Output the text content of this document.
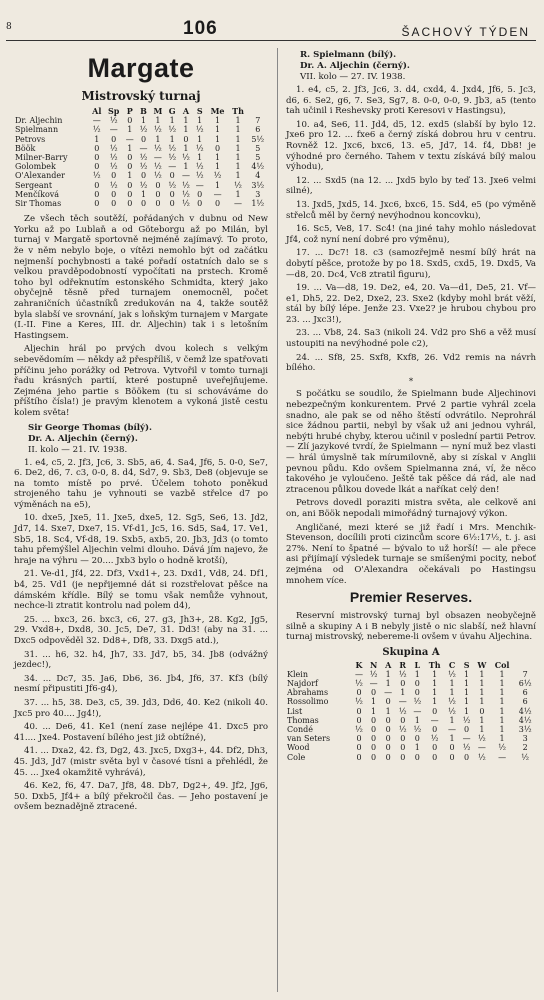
8	106	ŠACHOVÝ TÝDEN
Margate
Mistrovský turnaj
	Al	Sp	P	B	M	G	A	S	Me	Th	
Dr. Aljechin	—	½	0	1	1	1	1	1	1	1	7
Spielmann	½	—	1	½	½	½	1	½	1	1	6
Petrovs	1	0	—	0	1	1	0	1	1	1	5½
Böök	0	½	1	—	½	½	1	½	0	1	5
Milner-Barry	0	½	0	½	—	½	½	1	1	1	5
Golombek	0	½	0	½	½	—	1	½	1	1	4½
O'Alexander	½	0	1	0	½	0	—	½	½	1	4
Sergeant	0	½	0	½	0	½	½	—	1	½	3½
Menčíková	0	0	0	1	0	0	½	0	—	1	3
Sir Thomas	0	0	0	0	0	0	½	0	0	—	1½

Ze všech těch soutěží, pořádaných v dubnu od New Yorku až po Lublaň a od Göteborgu až po Milán, byl turnaj v Margatě sportovně nejméně zajímavý. To proto, že v něm nebylo boje, o vítězi nemohlo být od začátku nejmenší pochybnosti a také pořadí ostatních dalo se s velkou pravděpodobností vypočítati na prstech. Kromě toho byl odřeknutím estonského Schmidta, který jako obyčejně těsně před turnajem onemocněl, počet zahraničních účastníků zredukován na 4, takže soutěž byla slabší ve srovnání, jak s loňským turnajem v Margate (I.-II. Fine a Keres, III. dr. Aljechin) tak i s letošním Hastingsem.

Aljechin hrál po prvých dvou kolech s velkým sebevědomím — někdy až přespříliš, v čemž lze spatřovati příčinu jeho porážky od Petrova. Vytvořil v tomto turnaji řadu krásných partií, které postupně uveřejňujeme. Zejména jeho partie s Böökem (tu si schováváme do příštího čísla!) je pravým klenotem a vykoná jistě cestu kolem světa!

Sir George Thomas (bílý).
Dr. A. Aljechin (černý).
II. kolo — 21. IV. 1938.

1. e4, c5, 2. Jf3, Jc6, 3. Sb5, a6, 4. Sa4, Jf6, 5. 0-0, Se7, 6. De2, d6, 7. c3, 0-0, 8. d4, Sd7, 9. Sb3, De8 (objevuje se na tomto místě po prvé. Účelem tohoto poněkud strojeného tahu je vyhnouti se vazbě střelce d7 po výměnách na e5),

10. dxe5, Jxe5, 11. Jxe5, dxe5, 12. Sg5, Se6, 13. Jd2, Jd7, 14. Sxe7, Dxe7, 15. Vf-d1, Jc5, 16. Sd5, Sa4, 17. Ve1, Sb5, 18. Sc4, Vf-d8, 19. Sxb5, axb5, 20. Jb3, Jd3 (o tomto tahu přemýšlel Aljechin velmi dlouho. Dává jím najevo, že hraje na výhru — 20.... Jxb3 bylo o hodně krotší),

21. Ve-d1, Jf4, 22. Df3, Vxd1+, 23. Dxd1, Vd8, 24. Df1, b4, 25. Vd1 (je nepřijemné dát si rozstřelovat pěšce na dámském křídle. Bílý se tomu však nemůže vyhnout, nechce-li ztratit kontrolu nad polem d4),

25. ... bxc3, 26. bxc3, c6, 27. g3, Jh3+, 28. Kg2, Jg5, 29. Vxd8+, Dxd8, 30. Jc5, De7, 31. Dd3! (aby na 31. ... Dxc5 odpověděl 32. Dd8+, Df8, 33. Dxg5 atd.),

31. ... h6, 32. h4, Jh7, 33. Jd7, b5, 34. Jb8 (odvážný jezdec!),

34. ... Dc7, 35. Ja6, Db6, 36. Jb4, Jf6, 37. Kf3 (bílý nesmí připustiti Jf6-g4),

37. ... h5, 38. De3, c5, 39. Jd3, Dd6, 40. Ke2 (nikoli 40. Jxc5 pro 40.... Jg4!),

40. ... De6, 41. Ke1 (není zase nejlépe 41. Dxc5 pro 41.... Jxe4. Postavení bílého jest již obtížné),

41. ... Dxa2, 42. f3, Dg2, 43. Jxc5, Dxg3+, 44. Df2, Dh3, 45. Jd3, Jd7 (mistr světa byl v časové tísni a přehlédl, že 45. ... Jxe4 okamžitě vyhrává),

46. Ke2, f6, 47. Da7, Jf8, 48. Db7, Dg2+, 49. Jf2, Jg6, 50. Dxb5, Jf4+ a bílý překročil čas. — Jeho postavení je ovšem beznadějně ztracené.

R. Spielmann (bílý).
Dr. A. Aljechin (černý).
VII. kolo — 27. IV. 1938.

1. e4, c5, 2. Jf3, Jc6, 3. d4, cxd4, 4. Jxd4, Jf6, 5. Jc3, d6, 6. Se2, g6, 7. Se3, Sg7, 8. 0-0, 0-0, 9. Jb3, a5 (tento tah učinil i Reshevsky proti Keresovi v Hastingsu),

10. a4, Se6, 11. Jd4, d5, 12. exd5 (slabší by bylo 12. Jxe6 pro 12. ... fxe6 a černý získá dobrou hru v centru. Rovněž 12. Jxc6, bxc6, 13. e5, Jd7, 14. f4, Db8! je výhodné pro černého. Tahem v textu získává bílý malou výhodu),

12. ... Sxd5 (na 12. ... Jxd5 bylo by teď 13. Jxe6 velmi silné),

13. Jxd5, Jxd5, 14. Jxc6, bxc6, 15. Sd4, e5 (po výměně střelců měl by černý nevýhodnou koncovku),

16. Sc5, Ve8, 17. Sc4! (na jiné tahy mohlo následovat Jf4, což nyní není dobré pro výměnu),

17. ... Dc7! 18. c3 (samozřejmě nesmí bílý hrát na dobytí pěšce, protože by po 18. Sxd5, cxd5, 19. Dxd5, Va—d8, 20. Dc4, Vc8 ztratil figuru),

19. ... Va—d8, 19. De2, e4, 20. Va—d1, De5, 21. Vf—e1, Dh5, 22. De2, Dxe2, 23. Sxe2 (kdyby mohl brát věží, stál by bílý lépe. Jenže 23. Vxe2? je hrubou chybou pro 23. ... Jxc3!),

23. ... Vb8, 24. Sa3 (nikoli 24. Vd2 pro Sh6 a věž musí ustoupiti na nevýhodné pole c2),

24. ... Sf8, 25. Sxf8, Kxf8, 26. Vd2 remis na návrh bílého.

*

S počátku se soudilo, že Spielmann bude Aljechinovi nebezpečným konkurentem. Prvé 2 partie vyhrál zcela snadno, ale pak se od něho štěstí odvrátilo. Neprohrál sice žádnou partii, nebyl by však už ani jednou vyhrál, nebýti hrubé chyby, kterou učinil v poslední partii Petrov. — Zlí jazykové tvrdí, že Spielmann — nyní muž bez vlasti — hrál úmyslně tak mírumilovně, aby si získal v Anglii pevnou půdu. Kdo ovšem Spielmanna zná, ví, že něco takového je vyloučeno. Ještě tak pěšce dá rád, ale nad ztracenou půlkou dovede lkát a naříkat celý den!

Petrovs dovedl poraziti mistra světa, ale celkově ani on, ani Böök nepodali mimořádný turnajový výkon.

Angličané, mezi které se již řadí i Mrs. Menchik-Stevenson, docílili proti cizincům score 6½:17½, t. j. asi 27%. Není to špatné — bývalo to už horší! — ale přece asi přijímají výsledek turnaje se smíšenými pocity, neboť zejména od O'Alexandra očekávali po Hastingsu mnohem více.

Premier Reserves.

Reservní mistrovský turnaj byl obsazen neobyčejně silně a skupiny A i B nebyly jistě o nic slabší, než hlavní turnaj mistrovský, nebereme-li ovšem v úvahu Aljechina.

Skupina A
	K	N	A	R	L	Th	C	S	W	Col	
Klein	—	½	1	½	1	1	½	1	1	1	7
Najdorf	½	—	1	0	0	1	1	1	1	1	6½
Abrahams	0	0	—	1	0	1	1	1	1	1	6
Rossolimo	½	1	0	—	½	1	½	1	1	1	6
List	0	1	1	½	—	0	½	1	0	1	4½
Thomas	0	0	0	0	1	—	1	½	1	1	4½
Condé	½	0	0	½	½	0	—	0	1	1	3½
van Seters	0	0	0	0	0	½	1	—	½	1	3
Wood	0	0	0	0	1	0	0	½	—	½	2
Cole	0	0	0	0	0	0	0	0	½	—	½
